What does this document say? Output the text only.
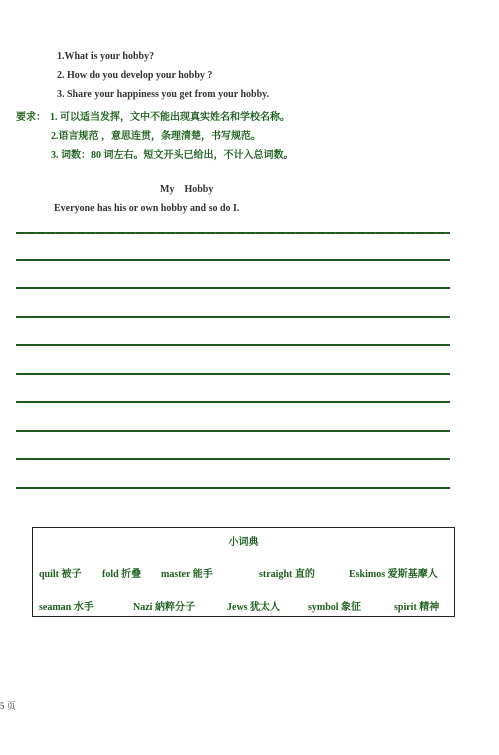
1.What is your hobby?
2. How do you develop your hobby ?
3. Share your happiness you get from your hobby.
要求： 1. 可以适当发挥，文中不能出现真实姓名和学校名称。
2.语言规范 ，意思连贯，条理清楚，书写规范。
3. 词数：80 词左右。短文开头已给出，不计入总词数。
My    Hobby
Everyone has his or own hobby and so do I.
小词典
quilt 被子 fold 折叠 master 能手	straight 直的	Eskimos 爱斯基摩人
seaman 水手	Nazi 納粹分子	Jews 犹太人	symbol 象征	spirit 精神
5 页
